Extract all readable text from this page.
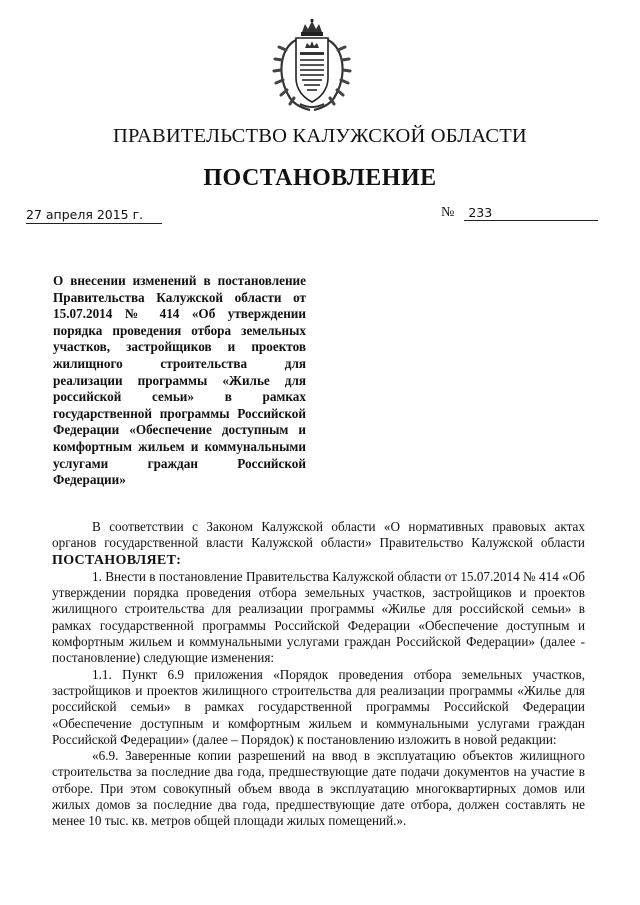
ПРАВИТЕЛЬСТВО КАЛУЖСКОЙ ОБЛАСТИ
ПОСТАНОВЛЕНИЕ
27 апреля 2015 г.	№	233
О внесении изменений в постановление Правительства Калужской области от 15.07.2014 № 414 «Об утверждении порядка проведения отбора земельных участков, застройщиков и проектов жилищного строительства для реализации программы «Жилье для российской семьи» в рамках государственной программы Российской Федерации «Обеспечение доступным и комфортным жильем и коммунальными услугами граждан Российской Федерации»

В соответствии с Законом Калужской области «О нормативных правовых актах органов государственной власти Калужской области» Правительство Калужской области ПОСТАНОВЛЯЕТ:

1. Внести в постановление Правительства Калужской области от 15.07.2014 № 414 «Об утверждении порядка проведения отбора земельных участков, застройщиков и проектов жилищного строительства для реализации программы «Жилье для российской семьи» в рамках государственной программы Российской Федерации «Обеспечение доступным и комфортным жильем и коммунальными услугами граждан Российской Федерации» (далее - постановление) следующие изменения:

1.1. Пункт 6.9 приложения «Порядок проведения отбора земельных участков, застройщиков и проектов жилищного строительства для реализации программы «Жилье для российской семьи» в рамках государственной программы Российской Федерации «Обеспечение доступным и комфортным жильем и коммунальными услугами граждан Российской Федерации» (далее – Порядок) к постановлению изложить в новой редакции:

«6.9. Заверенные копии разрешений на ввод в эксплуатацию объектов жилищного строительства за последние два года, предшествующие дате подачи документов на участие в отборе. При этом совокупный объем ввода в эксплуатацию многоквартирных домов или жилых домов за последние два года, предшествующие дате отбора, должен составлять не менее 10 тыс. кв. метров общей площади жилых помещений.».
